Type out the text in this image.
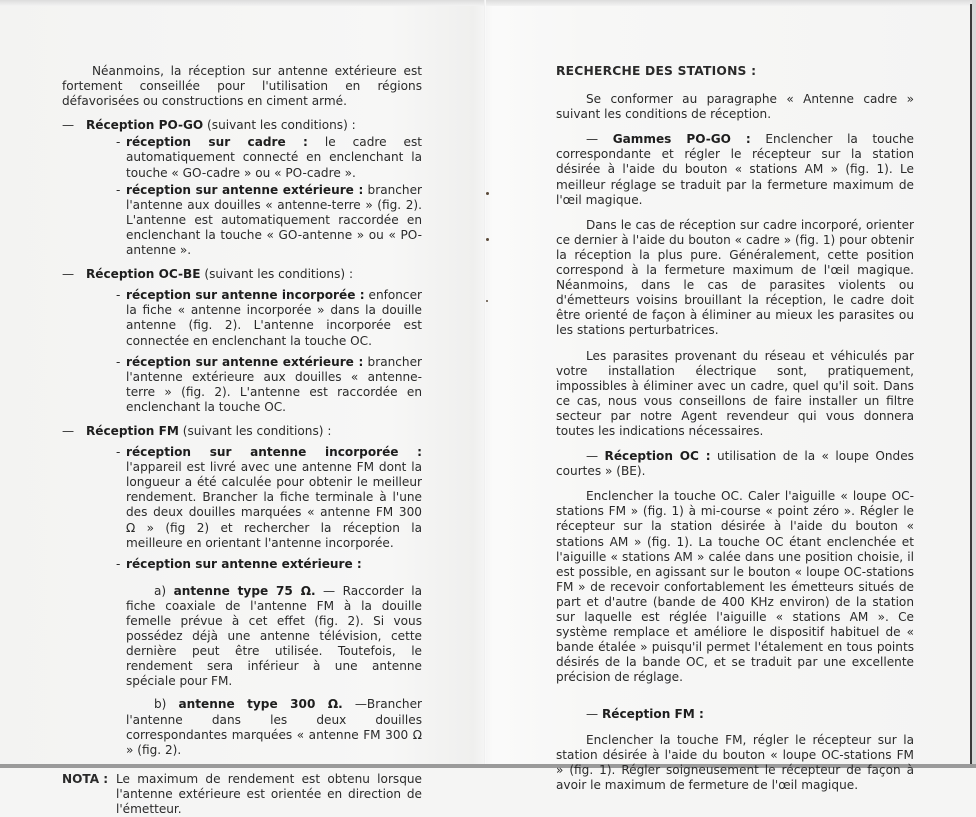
Néanmoins, la réception sur antenne extérieure est fortement conseillée pour l'utilisation en régions défavorisées ou constructions en ciment armé.

— Réception PO-GO (suivant les conditions) :
- réception sur cadre : le cadre est automatiquement connecté en enclenchant la touche « GO-cadre » ou « PO-cadre ».
- réception sur antenne extérieure : brancher l'antenne aux douilles « antenne-terre » (fig. 2). L'antenne est automatiquement raccordée en enclenchant la touche « GO-antenne » ou « PO-antenne ».
— Réception OC-BE (suivant les conditions) :
- réception sur antenne incorporée : enfoncer la fiche « antenne incorporée » dans la douille antenne (fig. 2). L'antenne incorporée est connectée en enclenchant la touche OC.
- réception sur antenne extérieure : brancher l'antenne extérieure aux douilles « antenne-terre » (fig. 2). L'antenne est raccordée en enclenchant la touche OC.
— Réception FM (suivant les conditions) :
- réception sur antenne incorporée : l'appareil est livré avec une antenne FM dont la longueur a été calculée pour obtenir le meilleur rendement. Brancher la fiche terminale à l'une des deux douilles marquées « antenne FM 300 Ω » (fig 2) et rechercher la réception la meilleure en orientant l'antenne incorporée.
- réception sur antenne extérieure :

a) antenne type 75 Ω. — Raccorder la fiche coaxiale de l'antenne FM à la douille femelle prévue à cet effet (fig. 2). Si vous possédez déjà une antenne télévision, cette dernière peut être utilisée. Toutefois, le rendement sera inférieur à une antenne spéciale pour FM.

b) antenne type 300 Ω. —Brancher l'antenne dans les deux douilles correspondantes marquées « antenne FM 300 Ω » (fig. 2).

NOTA : Le maximum de rendement est obtenu lorsque l'antenne extérieure est orientée en direction de l'émetteur.
RECHERCHE DES STATIONS :

Se conformer au paragraphe « Antenne cadre » suivant les conditions de réception.

— Gammes PO-GO : Enclencher la touche correspondante et régler le récepteur sur la station désirée à l'aide du bouton « stations AM » (fig. 1). Le meilleur réglage se traduit par la fermeture maximum de l'œil magique.

Dans le cas de réception sur cadre incorporé, orienter ce dernier à l'aide du bouton « cadre » (fig. 1) pour obtenir la réception la plus pure. Généralement, cette position correspond à la fermeture maximum de l'œil magique. Néanmoins, dans le cas de parasites violents ou d'émetteurs voisins brouillant la réception, le cadre doit être orienté de façon à éliminer au mieux les parasites ou les stations perturbatrices.

Les parasites provenant du réseau et véhiculés par votre installation électrique sont, pratiquement, impossibles à éliminer avec un cadre, quel qu'il soit. Dans ce cas, nous vous conseillons de faire installer un filtre secteur par notre Agent revendeur qui vous donnera toutes les indications nécessaires.

— Réception OC : utilisation de la « loupe Ondes courtes » (BE).

Enclencher la touche OC. Caler l'aiguille « loupe OC-stations FM » (fig. 1) à mi-course « point zéro ». Régler le récepteur sur la station désirée à l'aide du bouton « stations AM » (fig. 1). La touche OC étant enclenchée et l'aiguille « stations AM » calée dans une position choisie, il est possible, en agissant sur le bouton « loupe OC-stations FM » de recevoir confortablement les émetteurs situés de part et d'autre (bande de 400 KHz environ) de la station sur laquelle est réglée l'aiguille « stations AM ». Ce système remplace et améliore le dispositif habituel de « bande étalée » puisqu'il permet l'étalement en tous points désirés de la bande OC, et se traduit par une excellente précision de réglage.

— Réception FM :

Enclencher la touche FM, régler le récepteur sur la station désirée à l'aide du bouton « loupe OC-stations FM » (fig. 1). Régler soigneusement le récepteur de façon à avoir le maximum de fermeture de l'œil magique.
